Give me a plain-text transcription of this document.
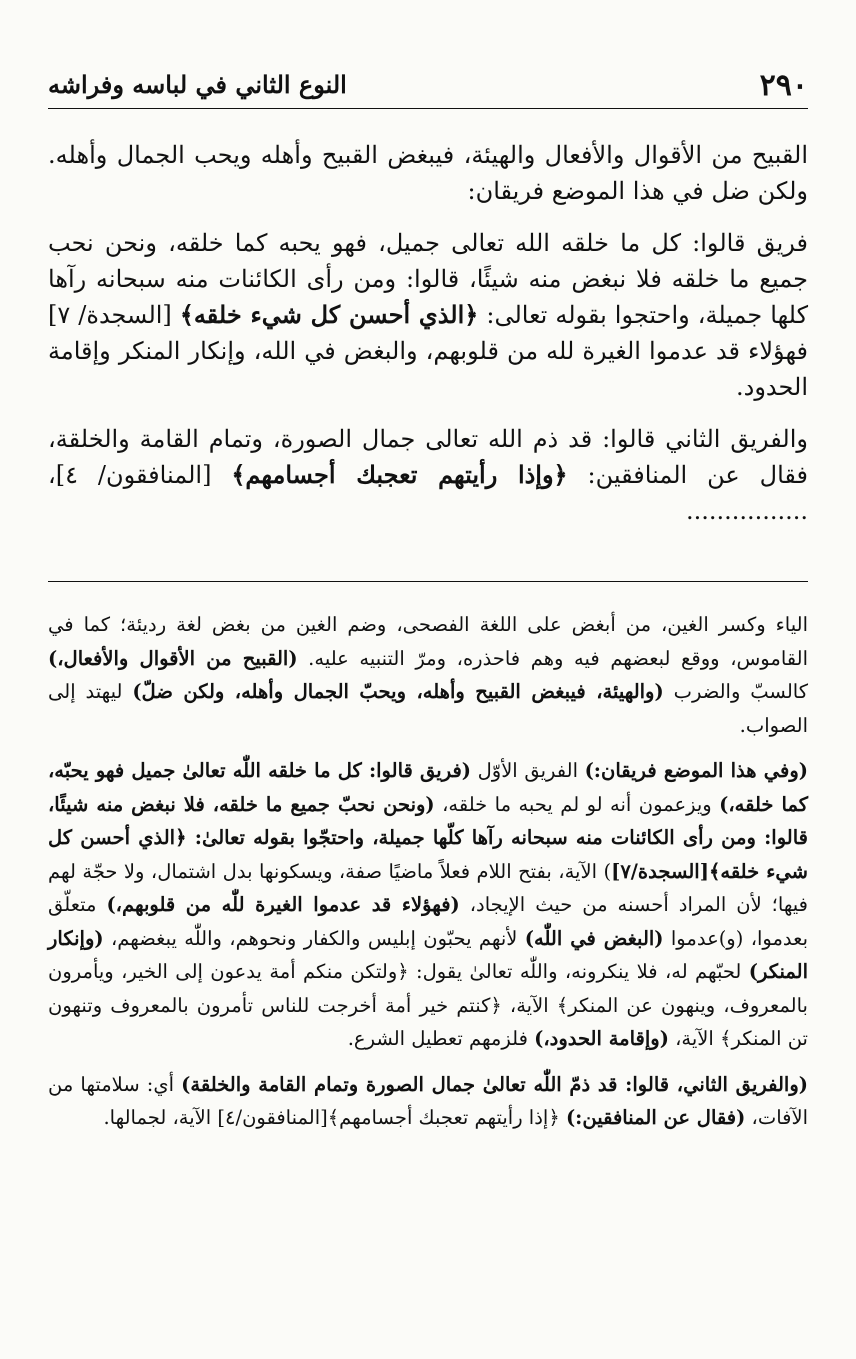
٢٩٠
النوع الثاني في لباسه وفراشه

القبيح من الأقوال والأفعال والهيئة، فيبغض القبيح وأهله ويحب الجمال وأهله. ولكن ضل في هذا الموضع فريقان:

فريق قالوا: كل ما خلقه الله تعالى جميل، فهو يحبه كما خلقه، ونحن نحب جميع ما خلقه فلا نبغض منه شيئًا، قالوا: ومن رأى الكائنات منه سبحانه رآها كلها جميلة، واحتجوا بقوله تعالى: ﴿الذي أحسن كل شيء خلقه﴾ [السجدة/ ٧] فهؤلاء قد عدموا الغيرة لله من قلوبهم، والبغض في الله، وإنكار المنكر وإقامة الحدود.

والفريق الثاني قالوا: قد ذم الله تعالى جمال الصورة، وتمام القامة والخلقة، فقال عن المنافقين: ﴿وإذا رأيتهم تعجبك أجسامهم﴾ [المنافقون/ ٤]، ................

الياء وكسر الغين، من أبغض على اللغة الفصحى، وضم الغين من بغض لغة رديئة؛ كما في القاموس، ووقع لبعضهم فيه وهم فاحذره، ومرّ التنبيه عليه. (القبيح من الأقوال والأفعال،) كالسبّ والضرب (والهيئة، فيبغض القبيح وأهله، ويحبّ الجمال وأهله، ولكن ضلّ) ليهتد إلى الصواب.

(وفي هذا الموضع فريقان:) الفريق الأوّل (فريق قالوا: كل ما خلقه اللّٰه تعالىٰ جميل فهو يحبّه، كما خلقه،) ويزعمون أنه لو لم يحبه ما خلقه، (ونحن نحبّ جميع ما خلقه، فلا نبغض منه شيئًا، قالوا: ومن رأى الكائنات منه سبحانه رآها كلّها جميلة، واحتجّوا بقوله تعالىٰ: ﴿الذي أحسن كل شيء خلقه﴾[السجدة/٧]) الآية، بفتح اللام فعلاً ماضيًا صفة، ويسكونها بدل اشتمال، ولا حجّة لهم فيها؛ لأن المراد أحسنه من حيث الإيجاد، (فهؤلاء قد عدموا الغيرة للّٰه من قلوبهم،) متعلّق بعدموا، (و)عدموا (البغض في اللّٰه) لأنهم يحبّون إبليس والكفار ونحوهم، واللّٰه يبغضهم، (وإنكار المنكر) لحبّهم له، فلا ينكرونه، واللّٰه تعالىٰ يقول: ﴿ولتكن منكم أمة يدعون إلى الخير، ويأمرون بالمعروف، وينهون عن المنكر﴾ الآية، ﴿كنتم خير أمة أخرجت للناس تأمرون بالمعروف وتنهون تن المنكر﴾ الآية، (وإقامة الحدود،) فلزمهم تعطيل الشرع.

(والفريق الثاني، قالوا: قد ذمّ اللّٰه تعالىٰ جمال الصورة وتمام القامة والخلقة) أي: سلامتها من الآفات، (فقال عن المنافقين:) ﴿إذا رأيتهم تعجبك أجسامهم﴾[المنافقون/٤] الآية، لجمالها.
